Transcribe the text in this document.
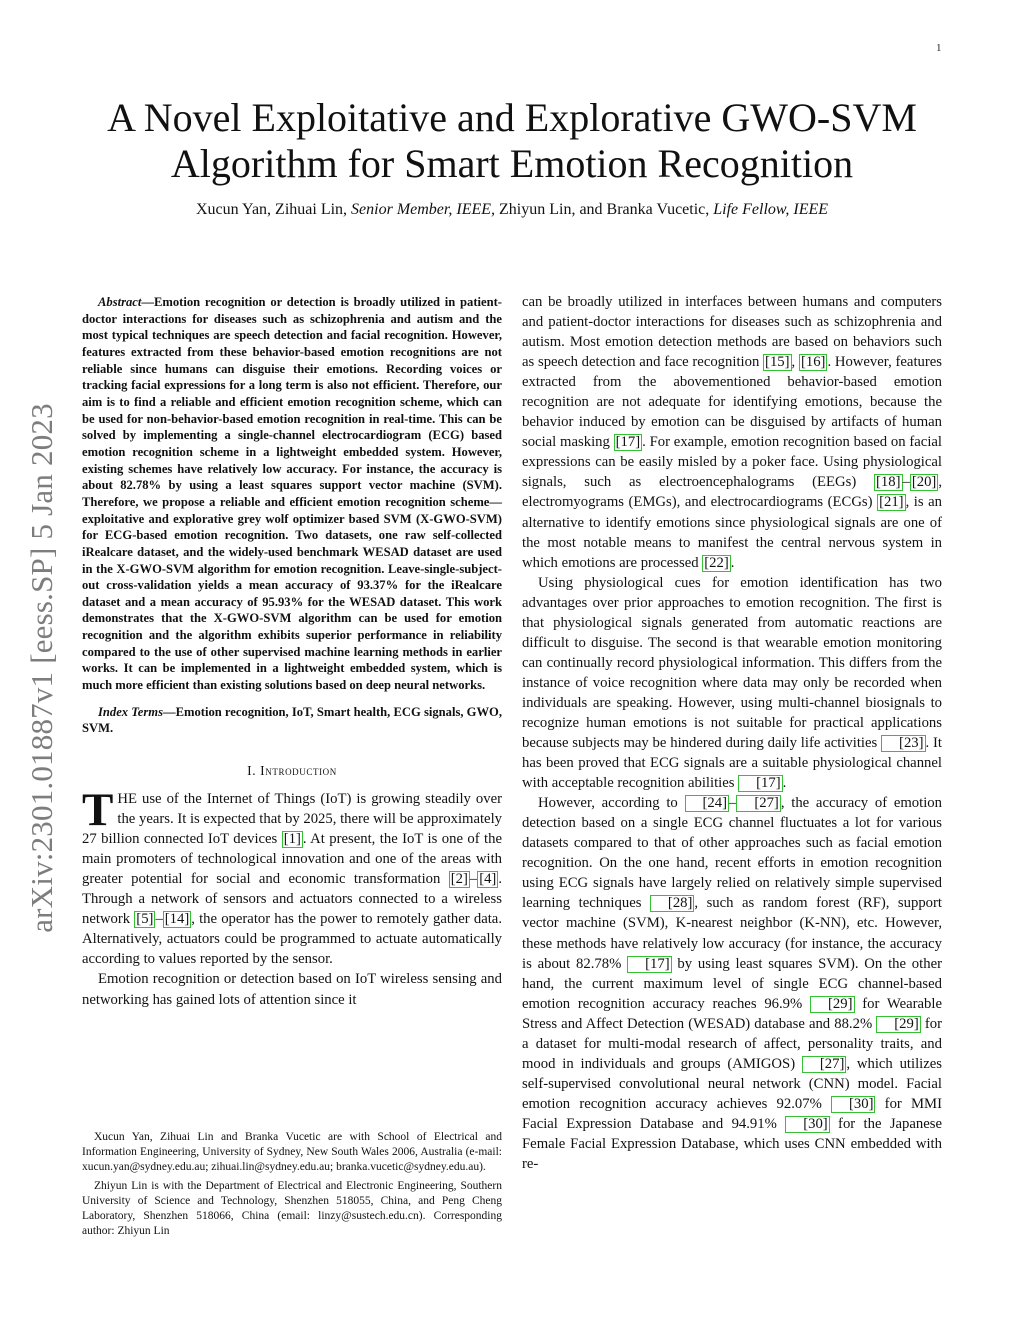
1
arXiv:2301.01887v1 [eess.SP] 5 Jan 2023
A Novel Exploitative and Explorative GWO-SVM
Algorithm for Smart Emotion Recognition
Xucun Yan, Zihuai Lin, Senior Member, IEEE, Zhiyun Lin, and Branka Vucetic, Life Fellow, IEEE

Abstract—Emotion recognition or detection is broadly utilized in patient-doctor interactions for diseases such as schizophrenia and autism and the most typical techniques are speech detection and facial recognition. However, features extracted from these behavior-based emotion recognitions are not reliable since humans can disguise their emotions. Recording voices or tracking facial expressions for a long term is also not efficient. Therefore, our aim is to find a reliable and efficient emotion recognition scheme, which can be used for non-behavior-based emotion recognition in real-time. This can be solved by implementing a single-channel electrocardiogram (ECG) based emotion recognition scheme in a lightweight embedded system. However, existing schemes have relatively low accuracy. For instance, the accuracy is about 82.78% by using a least squares support vector machine (SVM). Therefore, we propose a reliable and efficient emotion recognition scheme—exploitative and explorative grey wolf optimizer based SVM (X-GWO-SVM) for ECG-based emotion recognition. Two datasets, one raw self-collected iRealcare dataset, and the widely-used benchmark WESAD dataset are used in the X-GWO-SVM algorithm for emotion recognition. Leave-single-subject-out cross-validation yields a mean accuracy of 93.37% for the iRealcare dataset and a mean accuracy of 95.93% for the WESAD dataset. This work demonstrates that the X-GWO-SVM algorithm can be used for emotion recognition and the algorithm exhibits superior performance in reliability compared to the use of other supervised machine learning methods in earlier works. It can be implemented in a lightweight embedded system, which is much more efficient than existing solutions based on deep neural networks.

Index Terms—Emotion recognition, IoT, Smart health, ECG signals, GWO, SVM.

I. Introduction

THE use of the Internet of Things (IoT) is growing steadily over the years. It is expected that by 2025, there will be approximately 27 billion connected IoT devices [1] . At present, the IoT is one of the main promoters of technological innovation and one of the areas with greater potential for social and economic transformation [2] – [4] . Through a network of sensors and actuators connected to a wireless network [5] – [14] , the operator has the power to remotely gather data. Alternatively, actuators could be programmed to actuate automatically according to values reported by the sensor.

Emotion recognition or detection based on IoT wireless sensing and networking has gained lots of attention since it

Xucun Yan, Zihuai Lin and Branka Vucetic are with School of Electrical and Information Engineering, University of Sydney, New South Wales 2006, Australia (e-mail: xucun.yan@sydney.edu.au; zihuai.lin@sydney.edu.au; branka.vucetic@sydney.edu.au).

Zhiyun Lin is with the Department of Electrical and Electronic Engineering, Southern University of Science and Technology, Shenzhen 518055, China, and Peng Cheng Laboratory, Shenzhen 518066, China (email: linzy@sustech.edu.cn). Corresponding author: Zhiyun Lin

can be broadly utilized in interfaces between humans and computers and patient-doctor interactions for diseases such as schizophrenia and autism. Most emotion detection methods are based on behaviors such as speech detection and face recognition [15] , [16] . However, features extracted from the abovementioned behavior-based emotion recognition are not adequate for identifying emotions, because the behavior induced by emotion can be disguised by artifacts of human social masking [17] . For example, emotion recognition based on facial expressions can be easily misled by a poker face. Using physiological signals, such as electroencephalograms (EEGs) [18] – [20] , electromyograms (EMGs), and electrocardiograms (ECGs) [21] , is an alternative to identify emotions since physiological signals are one of the most notable means to manifest the central nervous system in which emotions are processed [22] .

Using physiological cues for emotion identification has two advantages over prior approaches to emotion recognition. The first is that physiological signals generated from automatic reactions are difficult to disguise. The second is that wearable emotion monitoring can continually record physiological information. This differs from the instance of voice recognition where data may only be recorded when individuals are speaking. However, using multi-channel biosignals to recognize human emotions is not suitable for practical applications because subjects may be hindered during daily life activities [23] . It has been proved that ECG signals are a suitable physiological channel with acceptable recognition abilities [17] .

However, according to [24] – [27] , the accuracy of emotion detection based on a single ECG channel fluctuates a lot for various datasets compared to that of other approaches such as facial emotion recognition. On the one hand, recent efforts in emotion recognition using ECG signals have largely relied on relatively simple supervised learning techniques [28] , such as random forest (RF), support vector machine (SVM), K-nearest neighbor (K-NN), etc. However, these methods have relatively low accuracy (for instance, the accuracy is about 82.78% [17] by using least squares SVM). On the other hand, the current maximum level of single ECG channel-based emotion recognition accuracy reaches 96.9% [29] for Wearable Stress and Affect Detection (WESAD) database and 88.2% [29] for a dataset for multi-modal research of affect, personality traits, and mood in individuals and groups (AMIGOS) [27] , which utilizes self-supervised convolutional neural network (CNN) model. Facial emotion recognition accuracy achieves 92.07% [30] for MMI Facial Expression Database and 94.91% [30] for the Japanese Female Facial Expression Database, which uses CNN embedded with re-
